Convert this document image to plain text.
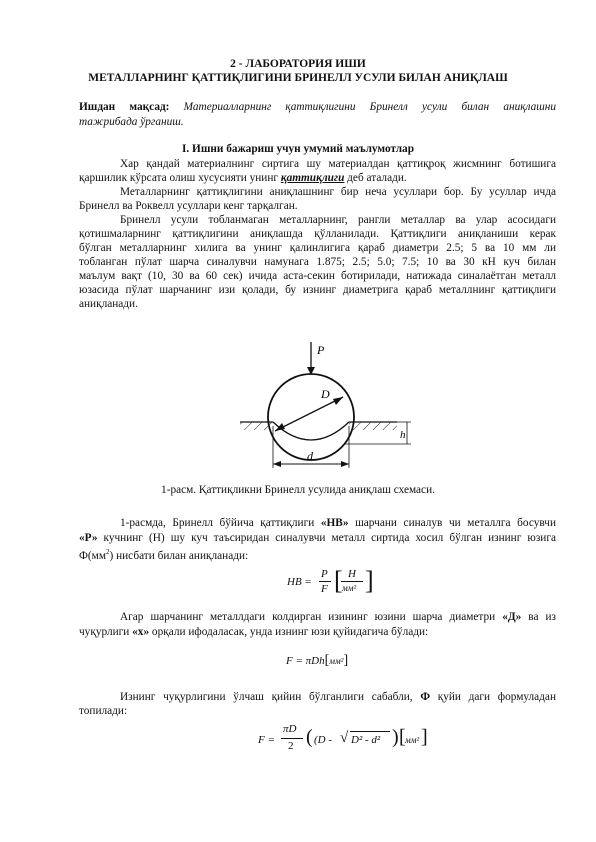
2 - ЛАБОРАТОРИЯ ИШИ
МЕТАЛЛАРНИНГ ҚАТТИҚЛИГИНИ БРИНЕЛЛ УСУЛИ БИЛАН АНИҚЛАШ
Ишдан мақсад: Материалларнинг қаттиқлигини Бринелл усули билан аниқлашни
тажрибада ўрганиш.
I. Ишни бажариш учун умумий маълумотлар
Хар қандай материалнинг сиртига шу материалдан қаттиқроқ жисмнинг ботишига
қаршилик кўрсата олиш хусусияти унинг қаттиқлиги деб аталади.
Металларнинг қаттиқлигини аниқлашнинг бир неча усуллари бор. Бу усуллар ичда
Бринелл ва Роквелл усуллари кенг тарқалган.
Бринелл усули тобланмаган металларнинг, рангли металлар ва улар асосидаги
қотишмаларнинг қаттиқлигини аниқлашда қўлланилади. Қаттиқлиги аниқланиши керак
бўлган металларнинг хилига ва унинг қалинлигига қараб диаметри 2.5; 5 ва 10 мм ли
тобланган пўлат шарча синалувчи намунага 1.875; 2.5; 5.0; 7.5; 10 ва 30 кН куч билан
маълум вақт (10, 30 ва 60 сек) ичида аста-секин ботирилади, натижада синалаётган металл
юзасида пўлат шарчанинг изи қолади, бу изнинг диаметрига қараб металлнинг қаттиқлиги
аниқланади.
P
D
h
d
1-расм. Қаттиқликни Бринелл усулида аниқлаш схемаси.
1-расмда, Бринелл бўйича қаттиқлиги «НВ» шарчани синалув чи металлга босувчи
«Р» кучнинг (Н) шу куч таъсиридан синалувчи металл сиртида хосил бўлган изнинг юзига
$Ф(мм^2)$ нисбати билан аниқланади:
HB =
P
F [ H
мм² ]
Агар шарчанинг металлдаги колдирган изининг юзини шарча диаметри «Д» ва из
чуқурлиги «х» орқали ифодаласак, унда изнинг юзи қуйидагича бўлади:
F = πDh[мм²]
Изнинг чуқурлигини ўлчаш қийин бўлганлиги сабабли, Ф қуйи даги формуладан
топилади:
F =
πD
2 ( (D - √ D² - d² ) [ мм² ]
